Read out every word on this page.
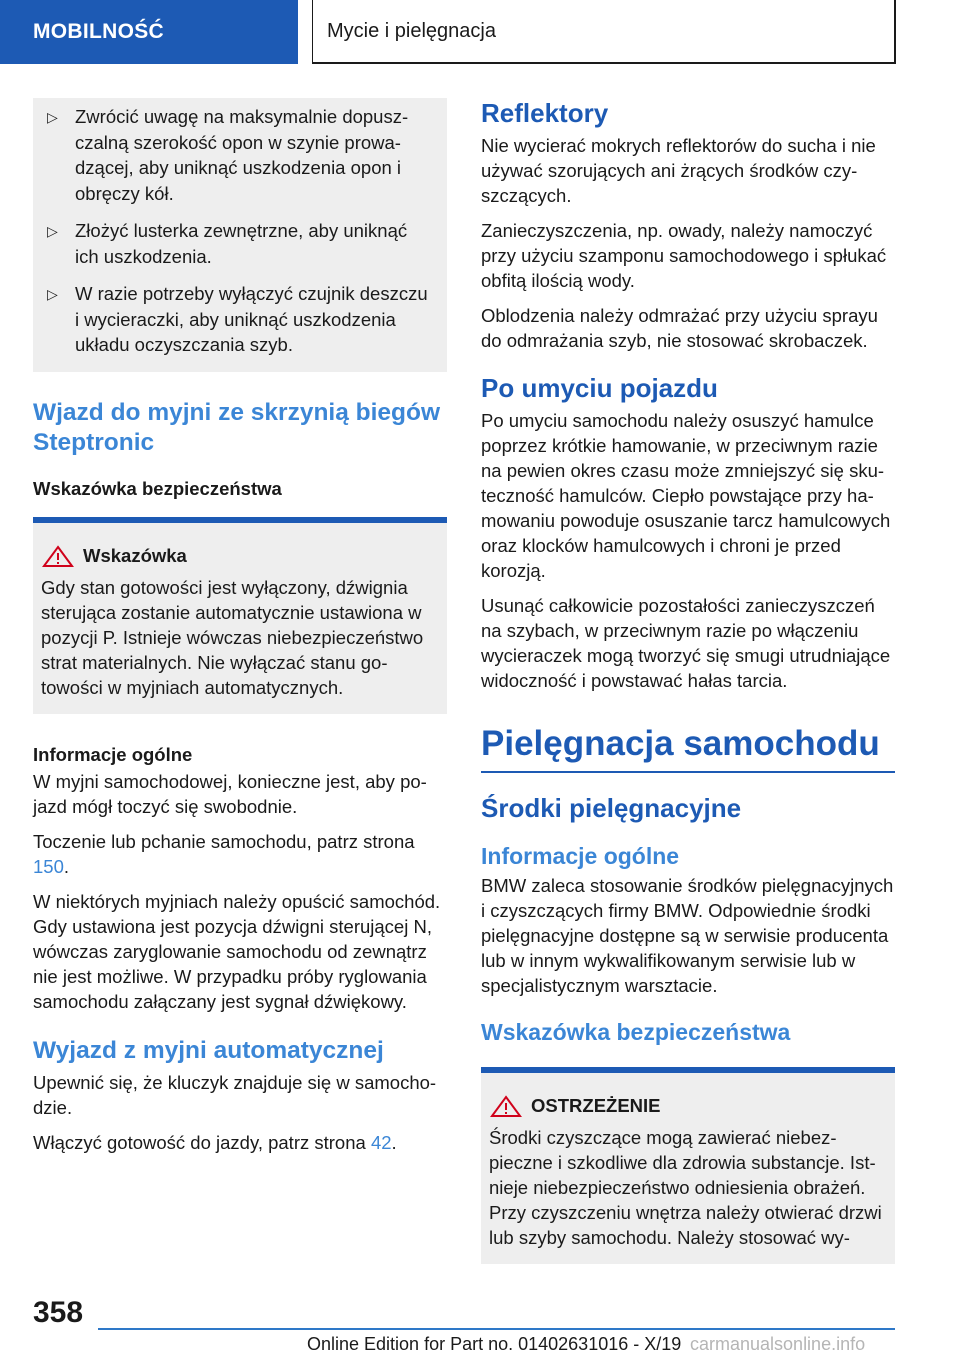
MOBILNOŚĆ	Mycie i pielęgnacja
▷ Zwrócić uwagę na maksymalnie dopuszczalną szerokość opon w szynie prowadzącej, aby uniknąć uszkodzenia opon i obręczy kół.
▷ Złożyć lusterka zewnętrzne, aby uniknąć ich uszkodzenia.
▷ W razie potrzeby wyłączyć czujnik deszczu i wycieraczki, aby uniknąć uszkodzenia układu oczyszczania szyb.
Wjazd do myjni ze skrzynią biegów Steptronic
Wskazówka bezpieczeństwa
Wskazówka
Gdy stan gotowości jest wyłączony, dźwignia sterująca zostanie automatycznie ustawiona w pozycji P. Istnieje wówczas niebezpieczeństwo strat materialnych. Nie wyłączać stanu gotowości w myjniach automatycznych.
Informacje ogólne

W myjni samochodowej, konieczne jest, aby pojazd mógł toczyć się swobodnie.

Toczenie lub pchanie samochodu, patrz strona 150.

W niektórych myjniach należy opuścić samochód. Gdy ustawiona jest pozycja dźwigni sterującej N, wówczas zaryglowanie samochodu od zewnątrz nie jest możliwe. W przypadku próby ryglowania samochodu załączany jest sygnał dźwiękowy.

Wyjazd z myjni automatycznej

Upewnić się, że kluczyk znajduje się w samochodzie.

Włączyć gotowość do jazdy, patrz strona 42.

Reflektory

Nie wycierać mokrych reflektorów do sucha i nie używać szorujących ani żrących środków czyszczących.

Zanieczyszczenia, np. owady, należy namoczyć przy użyciu szamponu samochodowego i spłukać obfitą ilością wody.

Oblodzenia należy odmrażać przy użyciu sprayu do odmrażania szyb, nie stosować skrobaczek.

Po umyciu pojazdu

Po umyciu samochodu należy osuszyć hamulce poprzez krótkie hamowanie, w przeciwnym razie na pewien okres czasu może zmniejszyć się skuteczność hamulców. Ciepło powstające przy hamowaniu powoduje osuszanie tarcz hamulcowych oraz klocków hamulcowych i chroni je przed korozją.

Usunąć całkowicie pozostałości zanieczyszczeń na szybach, w przeciwnym razie po włączeniu wycieraczek mogą tworzyć się smugi utrudniające widoczność i powstawać hałas tarcia.

Pielęgnacja samochodu
Środki pielęgnacyjne
Informacje ogólne

BMW zaleca stosowanie środków pielęgnacyjnych i czyszczących firmy BMW. Odpowiednie środki pielęgnacyjne dostępne są w serwisie producenta lub w innym wykwalifikowanym serwisie lub w specjalistycznym warsztacie.

Wskazówka bezpieczeństwa
OSTRZEŻENIE
Środki czyszczące mogą zawierać niebezpieczne i szkodliwe dla zdrowia substancje. Istnieje niebezpieczeństwo odniesienia obrażeń. Przy czyszczeniu wnętrza należy otwierać drzwi lub szyby samochodu. Należy stosować wy-
358
Online Edition for Part no. 01402631016 - X/19 carmanualsonline.info
